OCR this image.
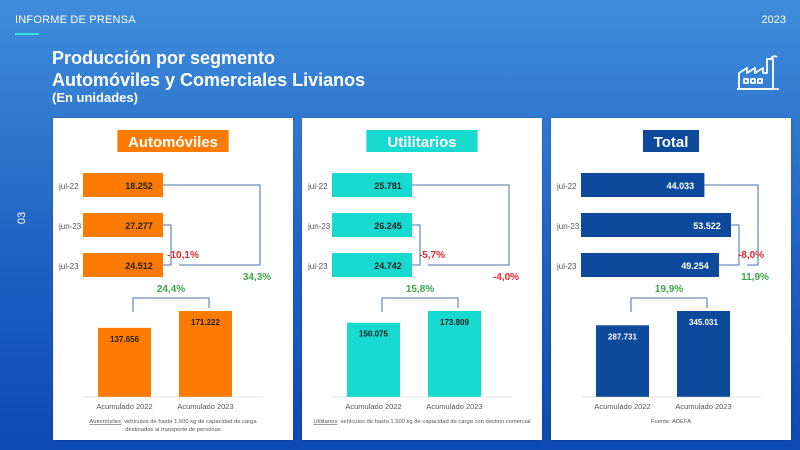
INFORME DE PRENSA	2023
Producción por segmento
Automóviles y Comerciales Livianos
(En unidades)
03
Automóviles
jul-22	18.252
jun-23	27.277
jul-23	24.512
-10,1%
34,3%
24,4%
137.656
Acumulado 2022
171.222
Acumulado 2023
Automóviles: vehículos de hasta 1.500 kg de capacidad de carga
destinados al transporte de personas
Utilitarios
jul-22	25.781
jun-23	26.245
jul-23	24.742
-5,7%
-4,0%
15,8%
150.075
Acumulado 2022
173.809
Acumulado 2023
Utilitarios: vehículos de hasta 1.500 kg de capacidad de carga con destino comercial
Total
jul-22	44.033
jun-23	53.522
jul-23	49.254
-8,0%
11,9%
19,9%
287.731
Acumulado 2022
345.031
Acumulado 2023
Fuente: ADEFA
